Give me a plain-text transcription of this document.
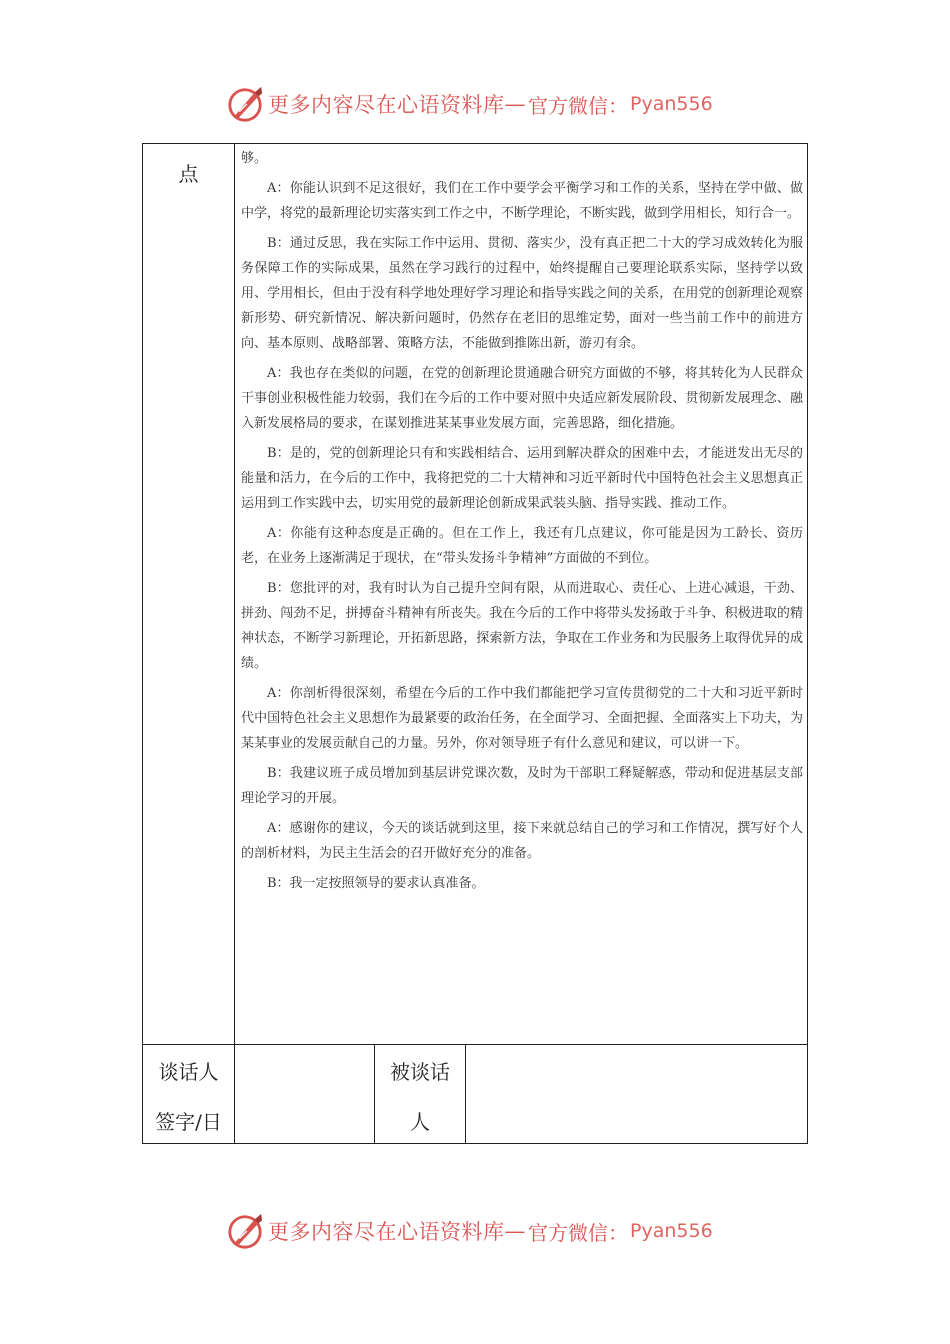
更多内容尽在心语资料库 — 官方微信： Pyan556
点

够。

A：你能认识到不足这很好，我们在工作中要学会平衡学习和工作的关系，坚持在学中做、做中学，将党的最新理论切实落实到工作之中，不断学理论，不断实践，做到学用相长，知行合一。

B：通过反思，我在实际工作中运用、贯彻、落实少，没有真正把二十大的学习成效转化为服务保障工作的实际成果，虽然在学习践行的过程中，始终提醒自己要理论联系实际，坚持学以致用、学用相长，但由于没有科学地处理好学习理论和指导实践之间的关系，在用党的创新理论观察新形势、研究新情况、解决新问题时，仍然存在老旧的思维定势，面对一些当前工作中的前进方向、基本原则、战略部署、策略方法，不能做到推陈出新，游刃有余。

A：我也存在类似的问题，在党的创新理论贯通融合研究方面做的不够，将其转化为人民群众干事创业积极性能力较弱，我们在今后的工作中要对照中央适应新发展阶段、贯彻新发展理念、融入新发展格局的要求，在谋划推进某某事业发展方面，完善思路，细化措施。

B：是的，党的创新理论只有和实践相结合、运用到解决群众的困难中去，才能迸发出无尽的能量和活力，在今后的工作中，我将把党的二十大精神和习近平新时代中国特色社会主义思想真正运用到工作实践中去，切实用党的最新理论创新成果武装头脑、指导实践、推动工作。

A：你能有这种态度是正确的。但在工作上，我还有几点建议，你可能是因为工龄长、资历老，在业务上逐渐满足于现状，在“带头发扬斗争精神”方面做的不到位。

B：您批评的对，我有时认为自己提升空间有限，从而进取心、责任心、上进心减退，干劲、拼劲、闯劲不足，拼搏奋斗精神有所丧失。我在今后的工作中将带头发扬敢于斗争、积极进取的精神状态，不断学习新理论，开拓新思路，探索新方法，争取在工作业务和为民服务上取得优异的成绩。

A：你剖析得很深刻，希望在今后的工作中我们都能把学习宣传贯彻党的二十大和习近平新时代中国特色社会主义思想作为最紧要的政治任务，在全面学习、全面把握、全面落实上下功夫，为某某事业的发展贡献自己的力量。另外，你对领导班子有什么意见和建议，可以讲一下。

B：我建议班子成员增加到基层讲党课次数，及时为干部职工释疑解惑，带动和促进基层支部理论学习的开展。

A：感谢你的建议，今天的谈话就到这里，接下来就总结自己的学习和工作情况，撰写好个人的剖析材料，为民主生活会的召开做好充分的准备。

B：我一定按照领导的要求认真准备。

谈话人
签字/日
被谈话
人
更多内容尽在心语资料库 — 官方微信： Pyan556
